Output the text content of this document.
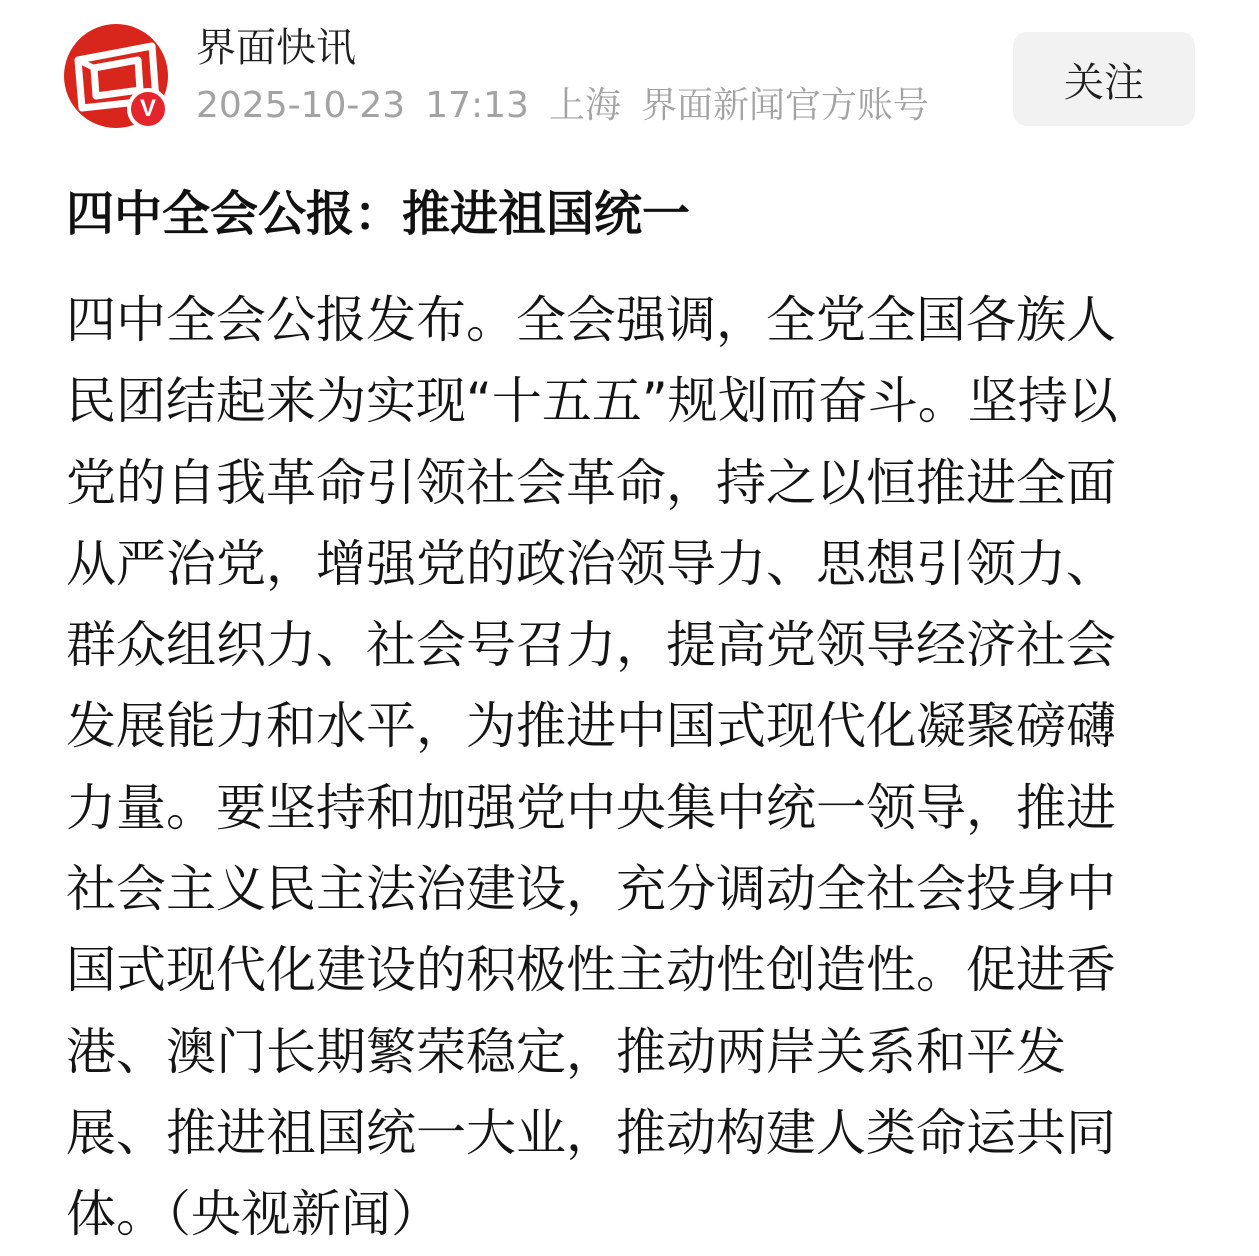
V
界面快讯
2025-10-23 17:13 上海 界面新闻官方账号	关注
四中全会公报：推进祖国统一
四中全会公报发布。全会强调，全党全国各族人
民团结起来为实现“十五五”规划而奋斗。坚持以
党的自我革命引领社会革命，持之以恒推进全面
从严治党，增强党的政治领导力、思想引领力、
群众组织力、社会号召力，提高党领导经济社会
发展能力和水平，为推进中国式现代化凝聚磅礴
力量。要坚持和加强党中央集中统一领导，推进
社会主义民主法治建设，充分调动全社会投身中
国式现代化建设的积极性主动性创造性。促进香
港、澳门长期繁荣稳定，推动两岸关系和平发
展、推进祖国统一大业，推动构建人类命运共同
体。（央视新闻）
